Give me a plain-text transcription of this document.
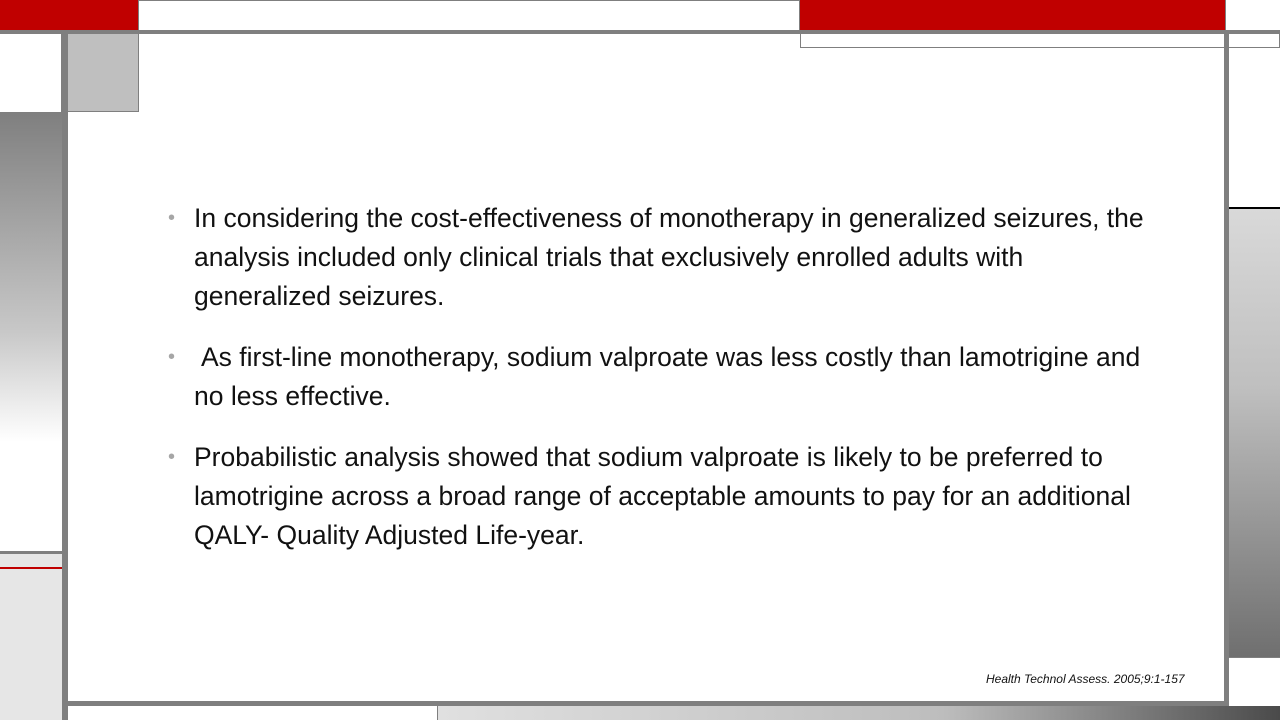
• In considering the cost-effectiveness of monotherapy in generalized seizures, the analysis included only clinical trials that exclusively enrolled adults with generalized seizures.
• As first-line monotherapy, sodium valproate was less costly than lamotrigine and no less effective.
• Probabilistic analysis showed that sodium valproate is likely to be preferred to lamotrigine across a broad range of acceptable amounts to pay for an additional QALY- Quality Adjusted Life-year.
Health Technol Assess. 2005;9:1-157
